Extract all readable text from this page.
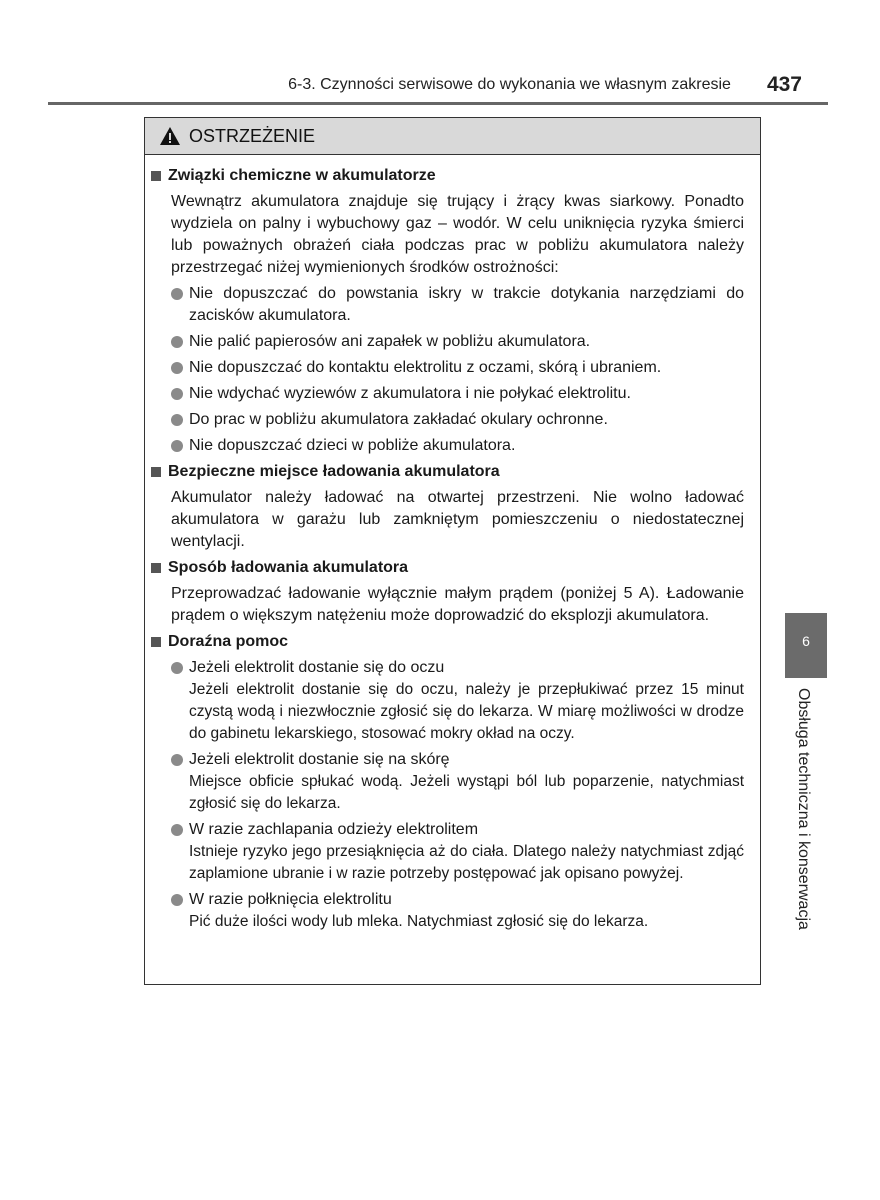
6-3. Czynności serwisowe do wykonania we własnym zakresie 437
OSTRZEŻENIE
Związki chemiczne w akumulatorze
Wewnątrz akumulatora znajduje się trujący i żrący kwas siarkowy. Ponadto wydziela on palny i wybuchowy gaz – wodór. W celu uniknięcia ryzyka śmierci lub poważnych obrażeń ciała podczas prac w pobliżu akumulatora należy przestrzegać niżej wymienionych środków ostrożności:
Nie dopuszczać do powstania iskry w trakcie dotykania narzędziami do zacisków akumulatora.
Nie palić papierosów ani zapałek w pobliżu akumulatora.
Nie dopuszczać do kontaktu elektrolitu z oczami, skórą i ubraniem.
Nie wdychać wyziewów z akumulatora i nie połykać elektrolitu.
Do prac w pobliżu akumulatora zakładać okulary ochronne.
Nie dopuszczać dzieci w pobliże akumulatora.
Bezpieczne miejsce ładowania akumulatora
Akumulator należy ładować na otwartej przestrzeni. Nie wolno ładować akumulatora w garażu lub zamkniętym pomieszczeniu o niedostatecznej wentylacji.
Sposób ładowania akumulatora
Przeprowadzać ładowanie wyłącznie małym prądem (poniżej 5 A). Ładowanie prądem o większym natężeniu może doprowadzić do eksplozji akumulatora.
Doraźna pomoc
Jeżeli elektrolit dostanie się do oczu
Jeżeli elektrolit dostanie się do oczu, należy je przepłukiwać przez 15 minut czystą wodą i niezwłocznie zgłosić się do lekarza. W miarę możliwości w drodze do gabinetu lekarskiego, stosować mokry okład na oczy.
Jeżeli elektrolit dostanie się na skórę
Miejsce obficie spłukać wodą. Jeżeli wystąpi ból lub poparzenie, natychmiast zgłosić się do lekarza.
W razie zachlapania odzieży elektrolitem
Istnieje ryzyko jego przesiąknięcia aż do ciała. Dlatego należy natychmiast zdjąć zaplamione ubranie i w razie potrzeby postępować jak opisano powyżej.
W razie połknięcia elektrolitu
Pić duże ilości wody lub mleka. Natychmiast zgłosić się do lekarza.
6
Obsługa techniczna i konserwacja
